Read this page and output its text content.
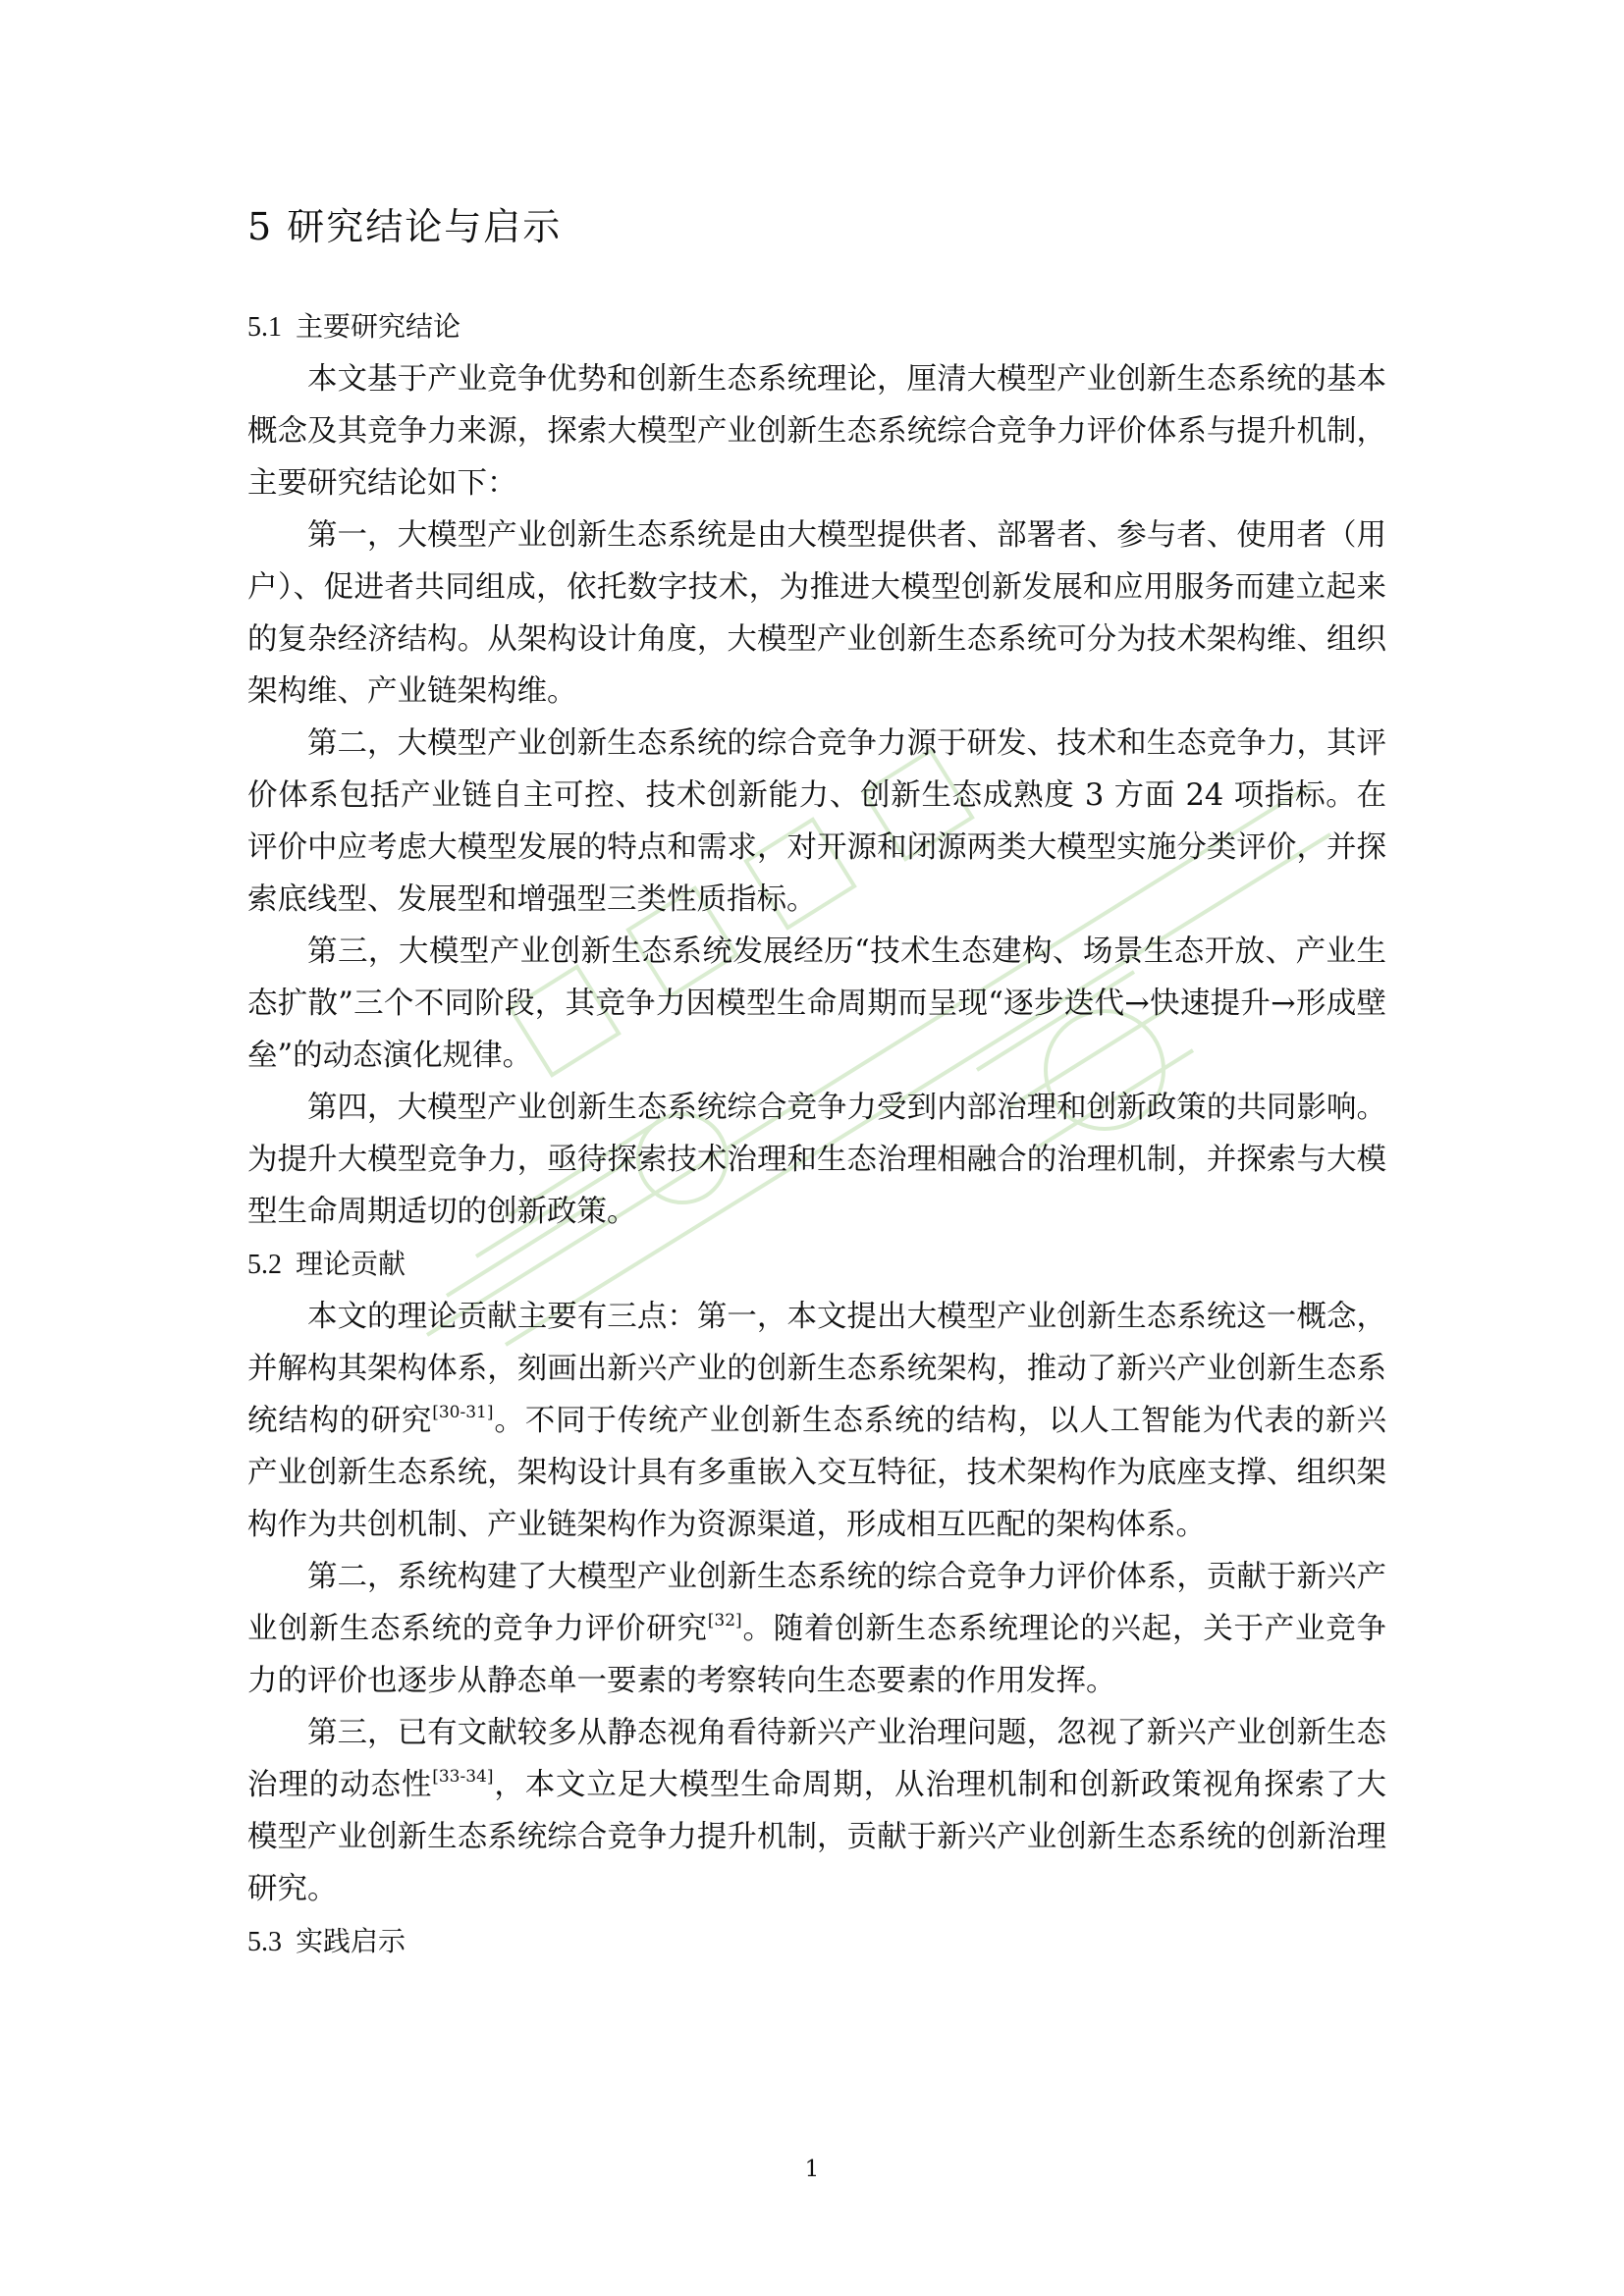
5 研究结论与启示
5.1 主要研究结论

本文基于产业竞争优势和创新生态系统理论，厘清大模型产业创新生态系统的基本概念及其竞争力来源，探索大模型产业创新生态系统综合竞争力评价体系与提升机制，主要研究结论如下：

第一，大模型产业创新生态系统是由大模型提供者、部署者、参与者、使用者（用户）、促进者共同组成，依托数字技术，为推进大模型创新发展和应用服务而建立起来的复杂经济结构。从架构设计角度，大模型产业创新生态系统可分为技术架构维、组织架构维、产业链架构维。

第二，大模型产业创新生态系统的综合竞争力源于研发、技术和生态竞争力，其评价体系包括产业链自主可控、技术创新能力、创新生态成熟度 3 方面 24 项指标。在评价中应考虑大模型发展的特点和需求，对开源和闭源两类大模型实施分类评价，并探索底线型、发展型和增强型三类性质指标。

第三，大模型产业创新生态系统发展经历“技术生态建构、场景生态开放、产业生态扩散”三个不同阶段，其竞争力因模型生命周期而呈现“逐步迭代→快速提升→形成壁垒”的动态演化规律。

第四，大模型产业创新生态系统综合竞争力受到内部治理和创新政策的共同影响。为提升大模型竞争力，亟待探索技术治理和生态治理相融合的治理机制，并探索与大模型生命周期适切的创新政策。

5.2 理论贡献

本文的理论贡献主要有三点：第一，本文提出大模型产业创新生态系统这一概念，并解构其架构体系，刻画出新兴产业的创新生态系统架构，推动了新兴产业创新生态系统结构的研究[30-31]。不同于传统产业创新生态系统的结构，以人工智能为代表的新兴产业创新生态系统，架构设计具有多重嵌入交互特征，技术架构作为底座支撑、组织架构作为共创机制、产业链架构作为资源渠道，形成相互匹配的架构体系。

第二，系统构建了大模型产业创新生态系统的综合竞争力评价体系，贡献于新兴产业创新生态系统的竞争力评价研究[32]。随着创新生态系统理论的兴起，关于产业竞争力的评价也逐步从静态单一要素的考察转向生态要素的作用发挥。

第三，已有文献较多从静态视角看待新兴产业治理问题，忽视了新兴产业创新生态治理的动态性[33-34]，本文立足大模型生命周期，从治理机制和创新政策视角探索了大模型产业创新生态系统综合竞争力提升机制，贡献于新兴产业创新生态系统的创新治理研究。

5.3 实践启示
1
